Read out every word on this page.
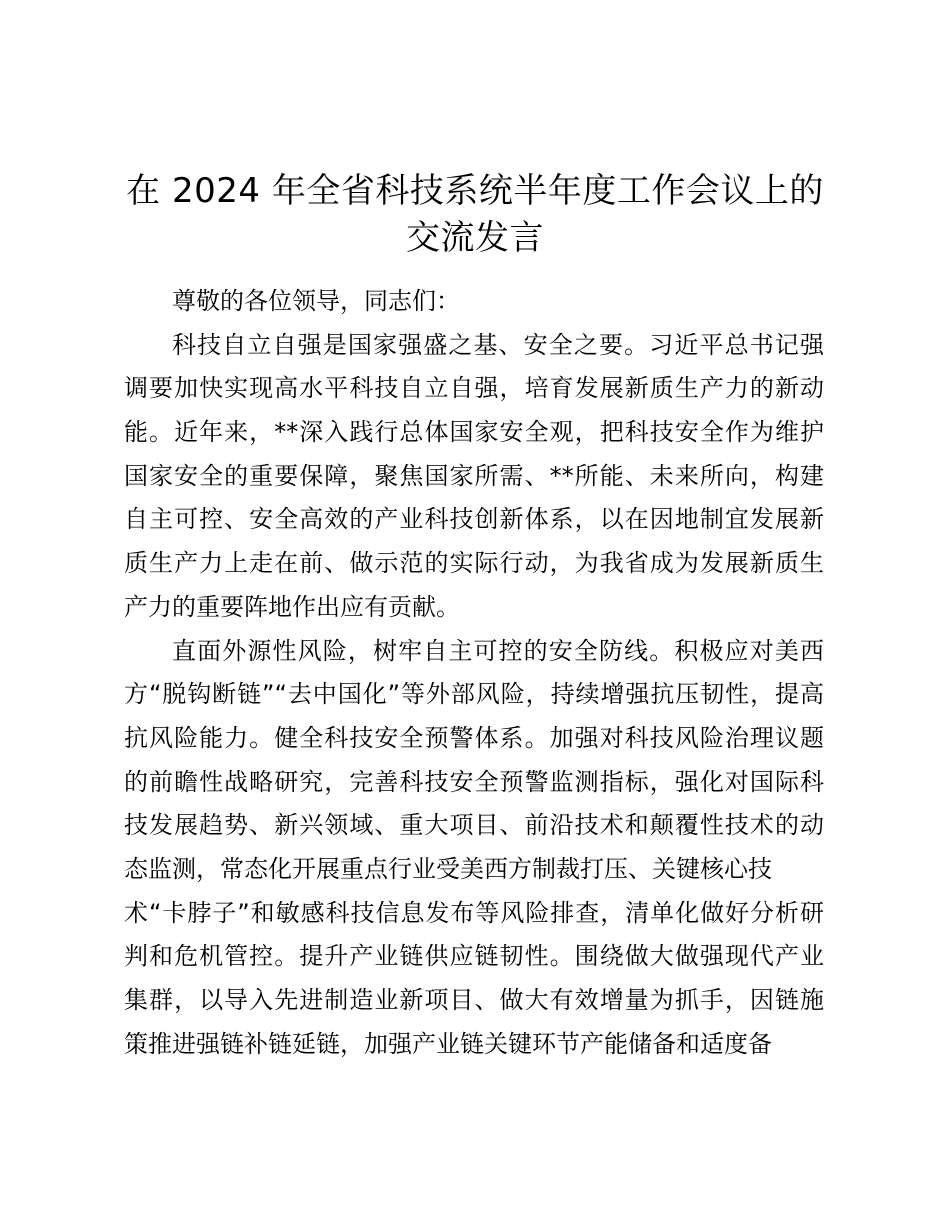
在 2024 年全省科技系统半年度工作会议上的
交流发言
尊敬的各位领导，同志们：
科技自立自强是国家强盛之基、安全之要。习近平总书记强
调要加快实现高水平科技自立自强，培育发展新质生产力的新动
能。近年来，**深入践行总体国家安全观，把科技安全作为维护
国家安全的重要保障，聚焦国家所需、**所能、未来所向，构建
自主可控、安全高效的产业科技创新体系，以在因地制宜发展新
质生产力上走在前、做示范的实际行动，为我省成为发展新质生
产力的重要阵地作出应有贡献。
直面外源性风险，树牢自主可控的安全防线。积极应对美西
方“脱钩断链”“去中国化”等外部风险，持续增强抗压韧性，提高
抗风险能力。健全科技安全预警体系。加强对科技风险治理议题
的前瞻性战略研究，完善科技安全预警监测指标，强化对国际科
技发展趋势、新兴领域、重大项目、前沿技术和颠覆性技术的动
态监测，常态化开展重点行业受美西方制裁打压、关键核心技
术“卡脖子”和敏感科技信息发布等风险排查，清单化做好分析研
判和危机管控。提升产业链供应链韧性。围绕做大做强现代产业
集群，以导入先进制造业新项目、做大有效增量为抓手，因链施
策推进强链补链延链，加强产业链关键环节产能储备和适度备
